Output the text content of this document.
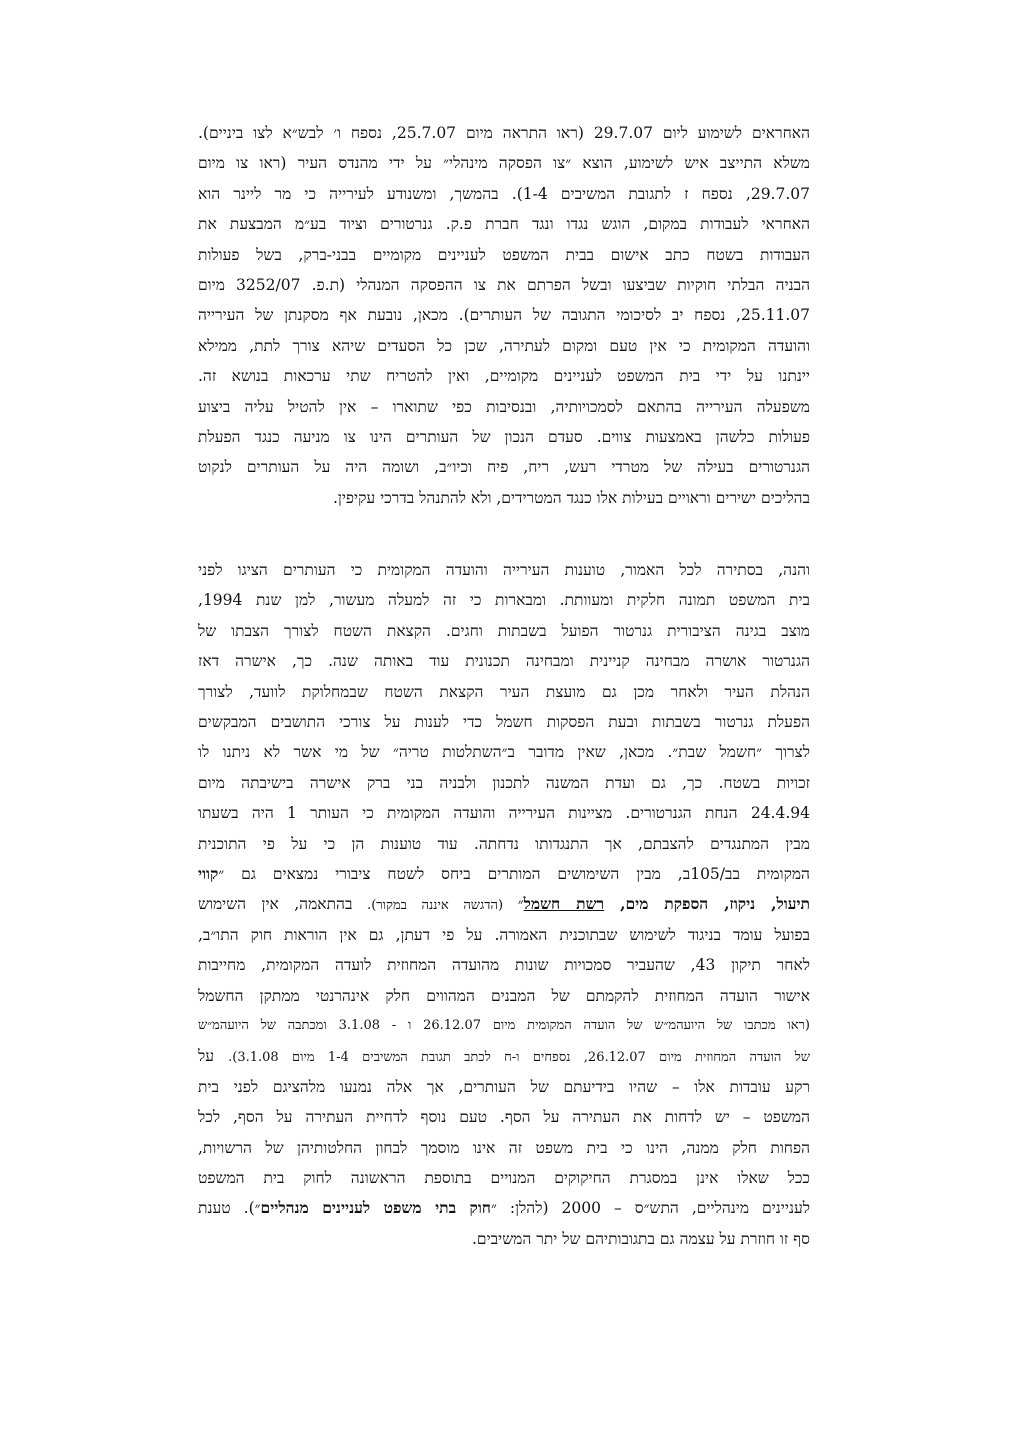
האחראים לשימוע ליום 29.7.07 (ראו התראה מיום 25.7.07, נספח ו׳ לבש״א לצו ביניים).
משלא התייצב איש לשימוע, הוצא ״צו הפסקה מינהלי״ על ידי מהנדס העיר (ראו צו מיום
29.7.07, נספח ז לתגובת המשיבים 1-4). בהמשך, ומשנודע לעירייה כי מר ליינר הוא
האחראי לעבודות במקום, הוגש נגדו ונגד חברת פ.ק. גנרטורים וציוד בע״מ המבצעת את
העבודות בשטח כתב אישום בבית המשפט לעניינים מקומיים בבני-ברק, בשל פעולות
הבניה הבלתי חוקיות שביצעו ובשל הפרתם את צו ההפסקה המנהלי (ת.פ. 3252/07 מיום
25.11.07, נספח יב לסיכומי התגובה של העותרים). מכאן, נובעת אף מסקנתן של העירייה
והועדה המקומית כי אין טעם ומקום לעתירה, שכן כל הסעדים שיהא צורך לתת, ממילא
יינתנו על ידי בית המשפט לעניינים מקומיים, ואין להטריח שתי ערכאות בנושא זה.
משפעלה העירייה בהתאם לסמכויותיה, ובנסיבות כפי שתוארו – אין להטיל עליה ביצוע
פעולות כלשהן באמצעות צווים. סעדם הנכון של העותרים הינו צו מניעה כנגד הפעלת
הגנרטורים בעילה של מטרדי רעש, ריח, פיח וכיו״ב, ושומה היה על העותרים לנקוט
בהליכים ישירים וראויים בעילות אלו כנגד המטרידים, ולא להתנהל בדרכי עקיפין.
והנה, בסתירה לכל האמור, טוענות העירייה והועדה המקומית כי העותרים הציגו לפני
בית המשפט תמונה חלקית ומעוותת. ומבארות כי זה למעלה מעשור, למן שנת 1994,
מוצב בגינה הציבורית גנרטור הפועל בשבתות וחגים. הקצאת השטח לצורך הצבתו של
הגנרטור אושרה מבחינה קניינית ומבחינה תכנונית עוד באותה שנה. כך, אישרה דאז
הנהלת העיר ולאחר מכן גם מועצת העיר הקצאת השטח שבמחלוקת לוועד, לצורך
הפעלת גנרטור בשבתות ובעת הפסקות חשמל כדי לענות על צורכי התושבים המבקשים
לצרוך ״חשמל שבת״. מכאן, שאין מדובר ב״השתלטות טריה״ של מי אשר לא ניתנו לו
זכויות בשטח. כך, גם ועדת המשנה לתכנון ולבניה בני ברק אישרה בישיבתה מיום
24.4.94 הנחת הגנרטורים. מציינות העירייה והועדה המקומית כי העותר 1 היה בשעתו
מבין המתנגדים להצבתם, אך התנגדותו נדחתה. עוד טוענות הן כי על פי התוכנית
המקומית בב/105ב, מבין השימושים המותרים ביחס לשטח ציבורי נמצאים גם ״קווי
תיעול, ניקוז, הספקת מים, רשת חשמל״ (הדגשה איננה במקור). בהתאמה, אין השימוש
בפועל עומד בניגוד לשימוש שבתוכנית האמורה. על פי דעתן, גם אין הוראות חוק התו״ב,
לאחר תיקון 43, שהעביר סמכויות שונות מהועדה המחוזית לועדה המקומית, מחייבות
אישור הועדה המחוזית להקמתם של המבנים המהווים חלק אינהרנטי ממתקן החשמל
(ראו מכתבו של היועהמ״ש של הועדה המקומית מיום 26.12.07 ו - 3.1.08 ומכתבה של היועהמ״ש
של הועדה המחוזית מיום 26.12.07, נספחים ו-ח לכתב תגובת המשיבים 1-4 מיום 3.1.08). על
רקע עובדות אלו – שהיו בידיעתם של העותרים, אך אלה נמנעו מלהציגם לפני בית
המשפט – יש לדחות את העתירה על הסף. טעם נוסף לדחיית העתירה על הסף, לכל
הפחות חלק ממנה, הינו כי בית משפט זה אינו מוסמך לבחון החלטותיהן של הרשויות,
ככל שאלו אינן במסגרת החיקוקים המנויים בתוספת הראשונה לחוק בית המשפט
לעניינים מינהליים, התש״ס – 2000 (להלן: ״חוק בתי משפט לעניינים מנהליים״). טענת
סף זו חוזרת על עצמה גם בתגובותיהם של יתר המשיבים.
